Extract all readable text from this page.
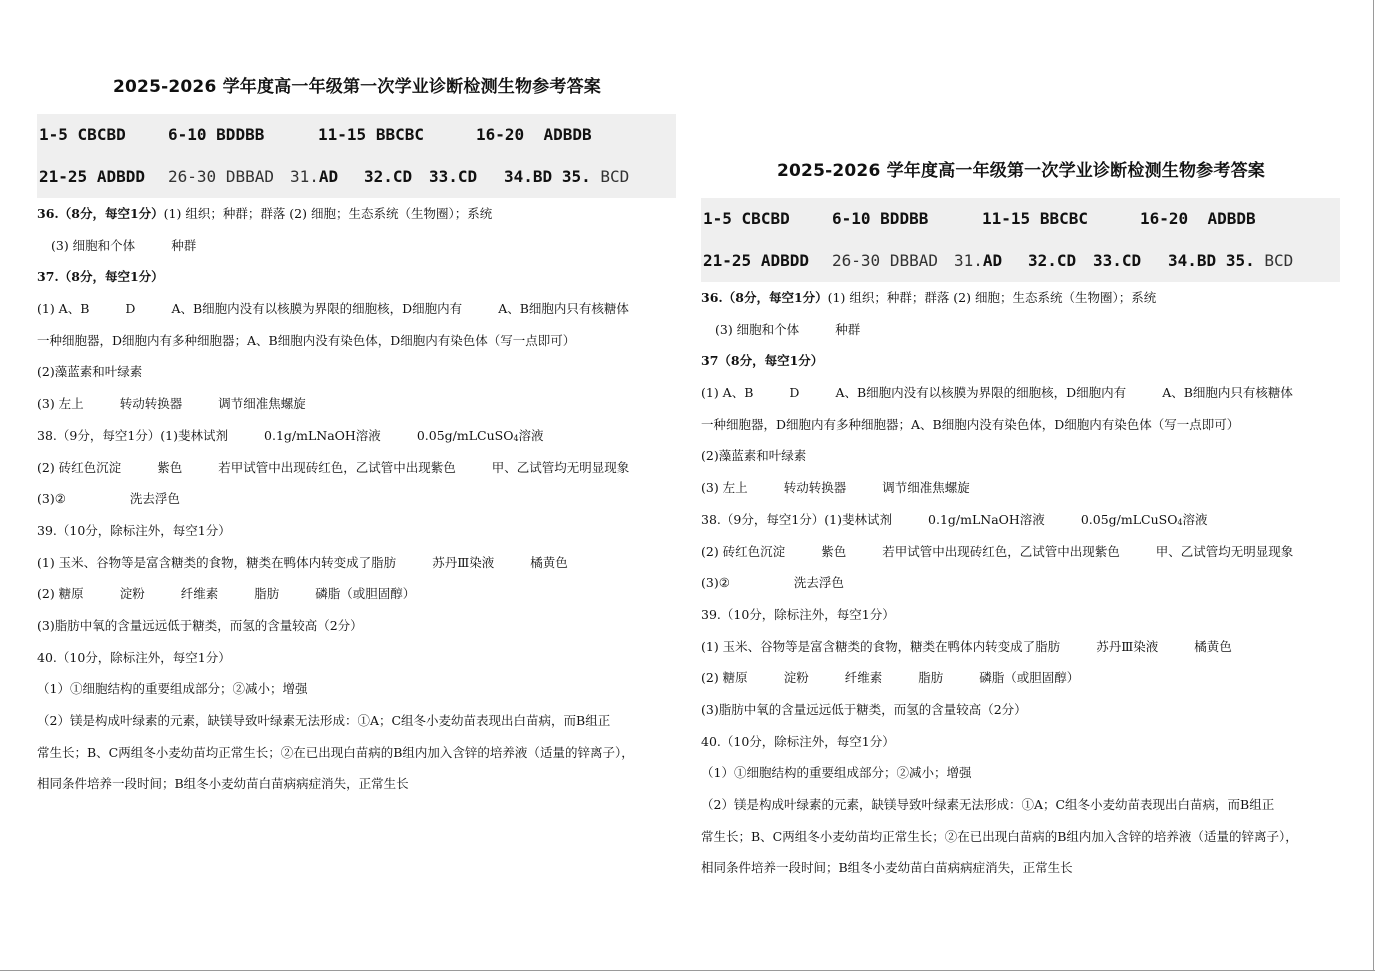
2025-2026 学年度高一年级第一次学业诊断检测生物参考答案
1-5 CBCBD	6-10 BDDBB	11-15 BBCBC	16-20 ADBDB
21-25 ADBDD 26-30 DBBAD 31.AD 32.CD 33.CD 34.BD 35. BCD
36.（8分，每空1分）(1) 组织；种群；群落 (2) 细胞；生态系统（生物圈）；系统
(3) 细胞和个体	种群
37.（8分，每空1分）
(1) A、B	D	A、B细胞内没有以核膜为界限的细胞核，D细胞内有	A、B细胞内只有核糖体
一种细胞器，D细胞内有多种细胞器；A、B细胞内没有染色体，D细胞内有染色体（写一点即可）
(2)藻蓝素和叶绿素
(3) 左上	转动转换器	调节细准焦螺旋
38.（9分，每空1分）(1)斐林试剂	0.1g/mLNaOH溶液	0.05g/mLCuSO$_4$溶液
(2) 砖红色沉淀	紫色	若甲试管中出现砖红色，乙试管中出现紫色	甲、乙试管均无明显现象
(3)②	洗去浮色
39.（10分，除标注外，每空1分）
(1) 玉米、谷物等是富含糖类的食物，糖类在鸭体内转变成了脂肪	苏丹Ⅲ染液	橘黄色
(2) 糖原	淀粉	纤维素	脂肪	磷脂（或胆固醇）
(3)脂肪中氧的含量远远低于糖类，而氢的含量较高（2分）
40.（10分，除标注外，每空1分）
（1）①细胞结构的重要组成部分；②减小；增强
（2）镁是构成叶绿素的元素，缺镁导致叶绿素无法形成：①A；C组冬小麦幼苗表现出白苗病，而B组正
常生长；B、C两组冬小麦幼苗均正常生长；②在已出现白苗病的B组内加入含锌的培养液（适量的锌离子），
相同条件培养一段时间；B组冬小麦幼苗白苗病病症消失，正常生长
2025-2026 学年度高一年级第一次学业诊断检测生物参考答案
1-5 CBCBD	6-10 BDDBB	11-15 BBCBC	16-20 ADBDB
21-25 ADBDD 26-30 DBBAD 31.AD 32.CD 33.CD 34.BD 35. BCD
36.（8分，每空1分）(1) 组织；种群；群落 (2) 细胞；生态系统（生物圈）；系统
(3) 细胞和个体	种群
37（8分，每空1分）
(1) A、B	D	A、B细胞内没有以核膜为界限的细胞核，D细胞内有	A、B细胞内只有核糖体
一种细胞器，D细胞内有多种细胞器；A、B细胞内没有染色体，D细胞内有染色体（写一点即可）
(2)藻蓝素和叶绿素
(3) 左上	转动转换器	调节细准焦螺旋
38.（9分，每空1分）(1)斐林试剂	0.1g/mLNaOH溶液	0.05g/mLCuSO$_4$溶液
(2) 砖红色沉淀	紫色	若甲试管中出现砖红色，乙试管中出现紫色	甲、乙试管均无明显现象
(3)②	洗去浮色
39.（10分，除标注外，每空1分）
(1) 玉米、谷物等是富含糖类的食物，糖类在鸭体内转变成了脂肪	苏丹Ⅲ染液	橘黄色
(2) 糖原	淀粉	纤维素	脂肪	磷脂（或胆固醇）
(3)脂肪中氧的含量远远低于糖类，而氢的含量较高（2分）
40.（10分，除标注外，每空1分）
（1）①细胞结构的重要组成部分；②减小；增强
（2）镁是构成叶绿素的元素，缺镁导致叶绿素无法形成：①A；C组冬小麦幼苗表现出白苗病，而B组正
常生长；B、C两组冬小麦幼苗均正常生长；②在已出现白苗病的B组内加入含锌的培养液（适量的锌离子），
相同条件培养一段时间；B组冬小麦幼苗白苗病病症消失，正常生长
